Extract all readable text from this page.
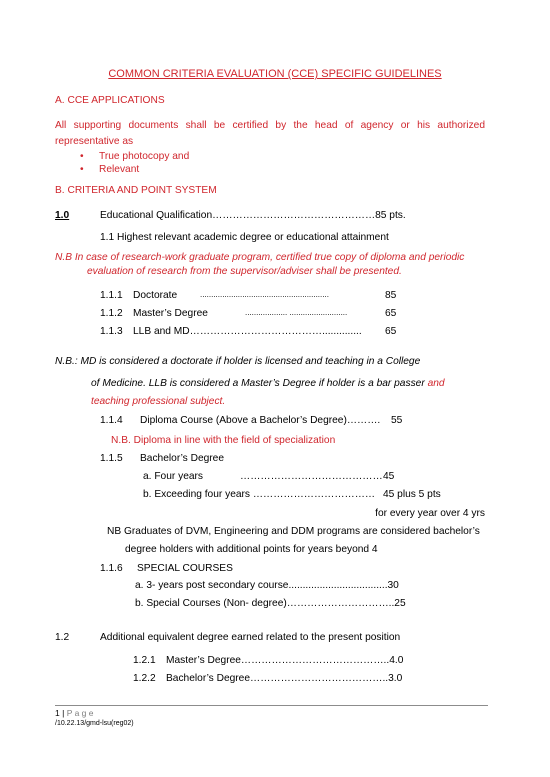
COMMON CRITERIA EVALUATION (CCE) SPECIFIC GUIDELINES
A. CCE APPLICATIONS
All supporting documents shall be certified by the head of agency or his authorized
representative as
• True photocopy and
• Relevant
B. CRITERIA AND POINT SYSTEM
1.0	Educational Qualification…………………………………………85 pts.
1.1 Highest relevant academic degree or educational attainment
N.B In case of research-work graduate program, certified true copy of diploma and periodic
evaluation of research from the supervisor/adviser shall be presented.
1.1.1 Doctorate	..........................................................	85
1.1.2 Master’s Degree	................... ..........................	65
1.1.3 LLB and MD………………………………….............. 65
N.B.: MD is considered a doctorate if holder is licensed and teaching in a College
of Medicine. LLB is considered a Master’s Degree if holder is a bar passer and
teaching professional subject.
1.1.4 Diploma Course (Above a Bachelor’s Degree)………. 55
N.B. Diploma in line with the field of specialization
1.1.5 Bachelor’s Degree
a. Four years	…………………………………… 45
b. Exceeding four years ……………………………… 45 plus 5 pts
for every year over 4 yrs
NB Graduates of DVM, Engineering and DDM programs are considered bachelor’s
degree holders with additional points for years beyond 4
1.1.6 SPECIAL COURSES
a. 3- years post secondary course...................................30
b. Special Courses (Non- degree)…………………………..25
1.2	Additional equivalent degree earned related to the present position
1.2.1 Master’s Degree……………………………………..4.0
1.2.2 Bachelor’s Degree…………………………………..3.0
1 | P a g e
/10.22.13/gmd-lsu(reg02)
